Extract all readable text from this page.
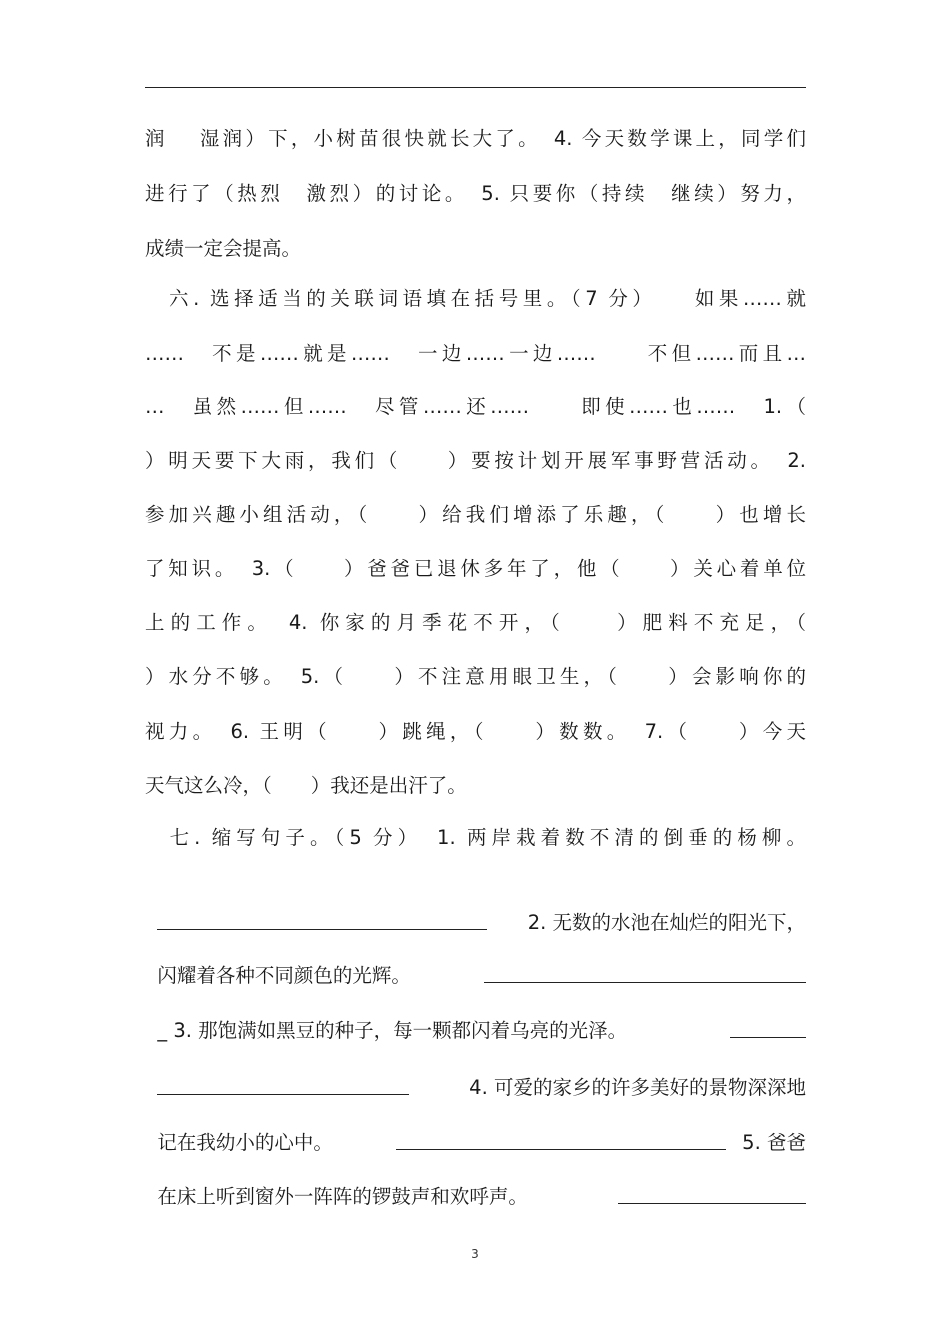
润　 湿润）下，小树苗很快就长大了。　4. 今天数学课上，同学们
进行了（热烈　激烈）的讨论。　5. 只要你（持续　继续）努力，
成绩一定会提高。
　六. 选择适当的关联词语填在括号里。（7 分）　　如果……就
……　不是……就是……　一边……一边……　　不但……而且…
…　虽然……但……　尽管……还……　　即使……也……　1.（
）明天要下大雨，我们（　　）要按计划开展军事野营活动。　2.
参加兴趣小组活动，（　　）给我们增添了乐趣，（　　）也增长
了知识。　3.（　　）爸爸已退休多年了，他（　　）关心着单位
上的工作。　4. 你家的月季花不开，（　　）肥料不充足，（
）水分不够。　5.（　　）不注意用眼卫生，（　　）会影响你的
视力。　6. 王明（　　）跳绳，（　　）数数。　7.（　　）今天
天气这么冷，（　　）我还是出汗了。
　七. 缩写句子。（5 分）　1. 两岸栽着数不清的倒垂的杨柳。

2. 无数的水池在灿烂的阳光下，

闪耀着各种不同颜色的光辉。

_ 3. 那饱满如黑豆的种子，每一颗都闪着乌亮的光泽。

4. 可爱的家乡的许多美好的景物深深地

记在我幼小的心中。	5. 爸爸

在床上听到窗外一阵阵的锣鼓声和欢呼声。

3
